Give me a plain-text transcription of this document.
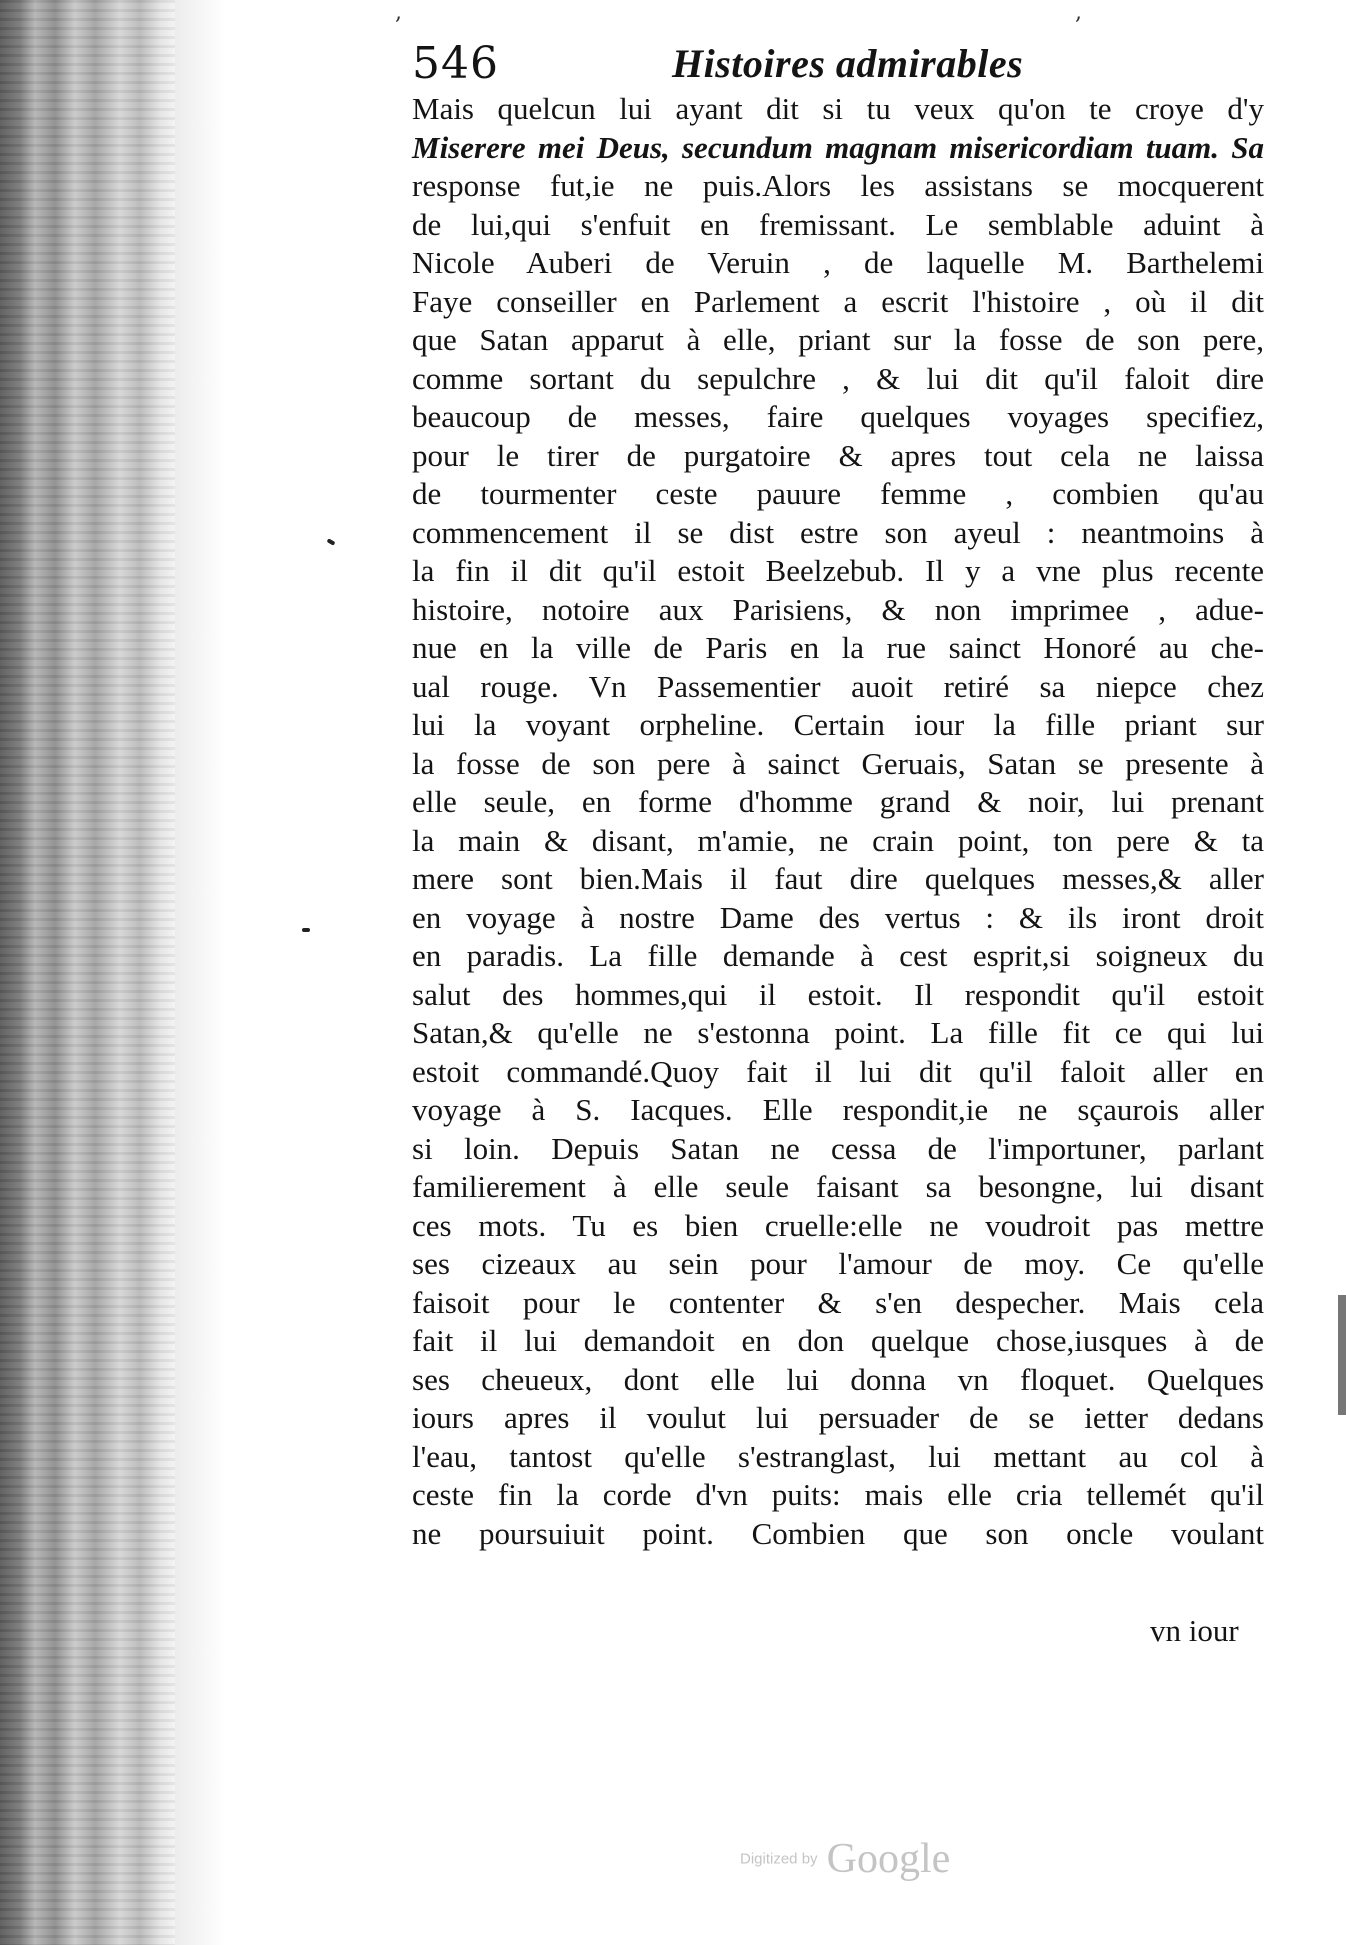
,	,
546	Histoires admirables
Mais quelcun lui ayant dit si tu veux qu'on te croye d'y
Miserere mei Deus, secundum magnam misericordiam tuam. Sa
response fut,ie ne puis.Alors les assistans se mocquerent
de lui,qui s'enfuit en fremissant. Le semblable aduint à
Nicole Auberi de Veruin , de laquelle M. Barthelemi
Faye conseiller en Parlement a escrit l'histoire , où il dit
que Satan apparut à elle, priant sur la fosse de son pere,
comme sortant du sepulchre , & lui dit qu'il faloit dire
beaucoup de messes, faire quelques voyages specifiez,
pour le tirer de purgatoire & apres tout cela ne laissa
de tourmenter ceste pauure femme , combien qu'au
commencement il se dist estre son ayeul : neantmoins à
la fin il dit qu'il estoit Beelzebub. Il y a vne plus recente
histoire, notoire aux Parisiens, & non imprimee , adue-
nue en la ville de Paris en la rue sainct Honoré au che-
ual rouge. Vn Passementier auoit retiré sa niepce chez
lui la voyant orpheline. Certain iour la fille priant sur
la fosse de son pere à sainct Geruais, Satan se presente à
elle seule, en forme d'homme grand & noir, lui prenant
la main & disant, m'amie, ne crain point, ton pere & ta
mere sont bien.Mais il faut dire quelques messes,& aller
en voyage à nostre Dame des vertus : & ils iront droit
en paradis. La fille demande à cest esprit,si soigneux du
salut des hommes,qui il estoit. Il respondit qu'il estoit
Satan,& qu'elle ne s'estonna point. La fille fit ce qui lui
estoit commandé.Quoy fait il lui dit qu'il faloit aller en
voyage à S. Iacques. Elle respondit,ie ne sçaurois aller
si loin. Depuis Satan ne cessa de l'importuner, parlant
familierement à elle seule faisant sa besongne, lui disant
ces mots. Tu es bien cruelle:elle ne voudroit pas mettre
ses cizeaux au sein pour l'amour de moy. Ce qu'elle
faisoit pour le contenter & s'en despecher. Mais cela
fait il lui demandoit en don quelque chose,iusques à de
ses cheueux, dont elle lui donna vn floquet. Quelques
iours apres il voulut lui persuader de se ietter dedans
l'eau, tantost qu'elle s'estranglast, lui mettant au col à
ceste fin la corde d'vn puits: mais elle cria tellemét qu'il
ne poursuiuit point. Combien que son oncle voulant
vn iour
Digitized by Google
